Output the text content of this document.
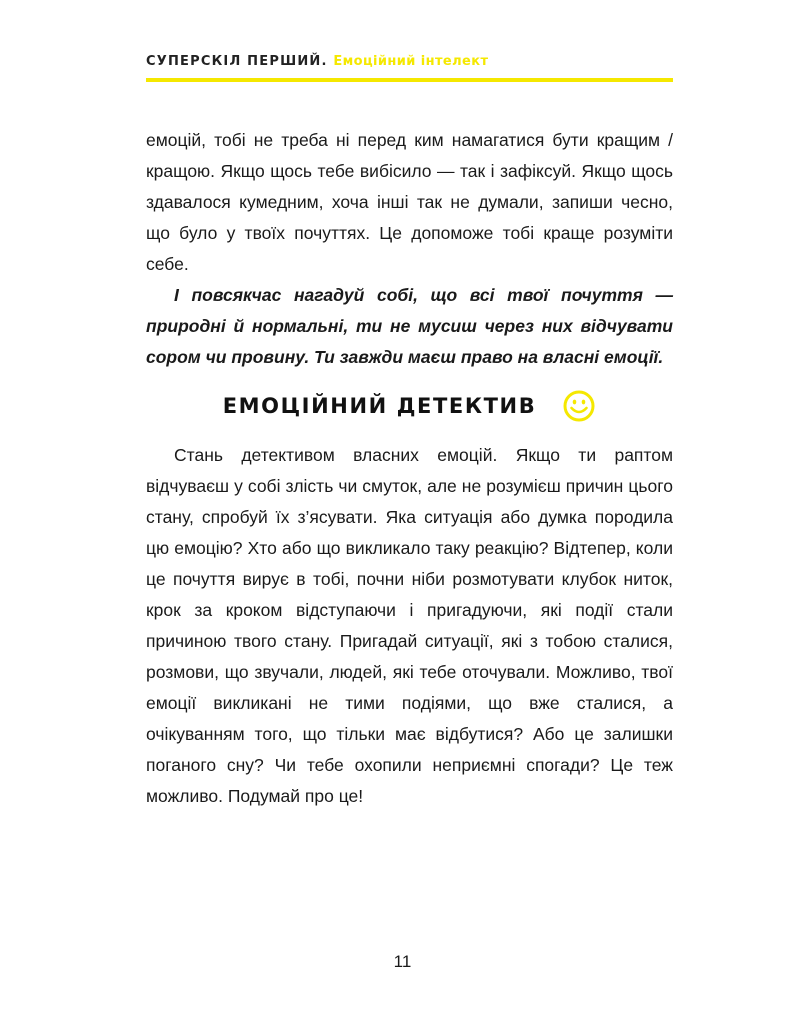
СУПЕРСКІЛ ПЕРШИЙ. Емоційний інтелект

емоцій, тобі не треба ні перед ким намагатися бути кращим / кращою. Якщо щось тебе вибісило — так і зафіксуй. Якщо щось здавалося кумедним, хоча інші так не думали, запиши чесно, що було у твоїх почуттях. Це допоможе тобі краще розуміти себе.

І повсякчас нагадуй собі, що всі твої почуття — природні й нормальні, ти не мусиш через них відчувати сором чи провину. Ти завжди маєш право на власні емоції.

ЕМОЦІЙНИЙ ДЕТЕКТИВ

Стань детективом власних емоцій. Якщо ти раптом відчуваєш у собі злість чи смуток, але не розумієш причин цього стану, спробуй їх з’ясувати. Яка ситуація або думка породила цю емоцію? Хто або що викликало таку реакцію? Відтепер, коли це почуття вирує в тобі, почни ніби розмотувати клубок ниток, крок за кроком відступаючи і пригадуючи, які події стали причиною твого стану. Пригадай ситуації, які з тобою сталися, розмови, що звучали, людей, які тебе оточували. Можливо, твої емоції викликані не тими подіями, що вже сталися, а очікуванням того, що тільки має відбутися? Або це залишки поганого сну? Чи тебе охопили неприємні спогади? Це теж можливо. Подумай про це!

11
